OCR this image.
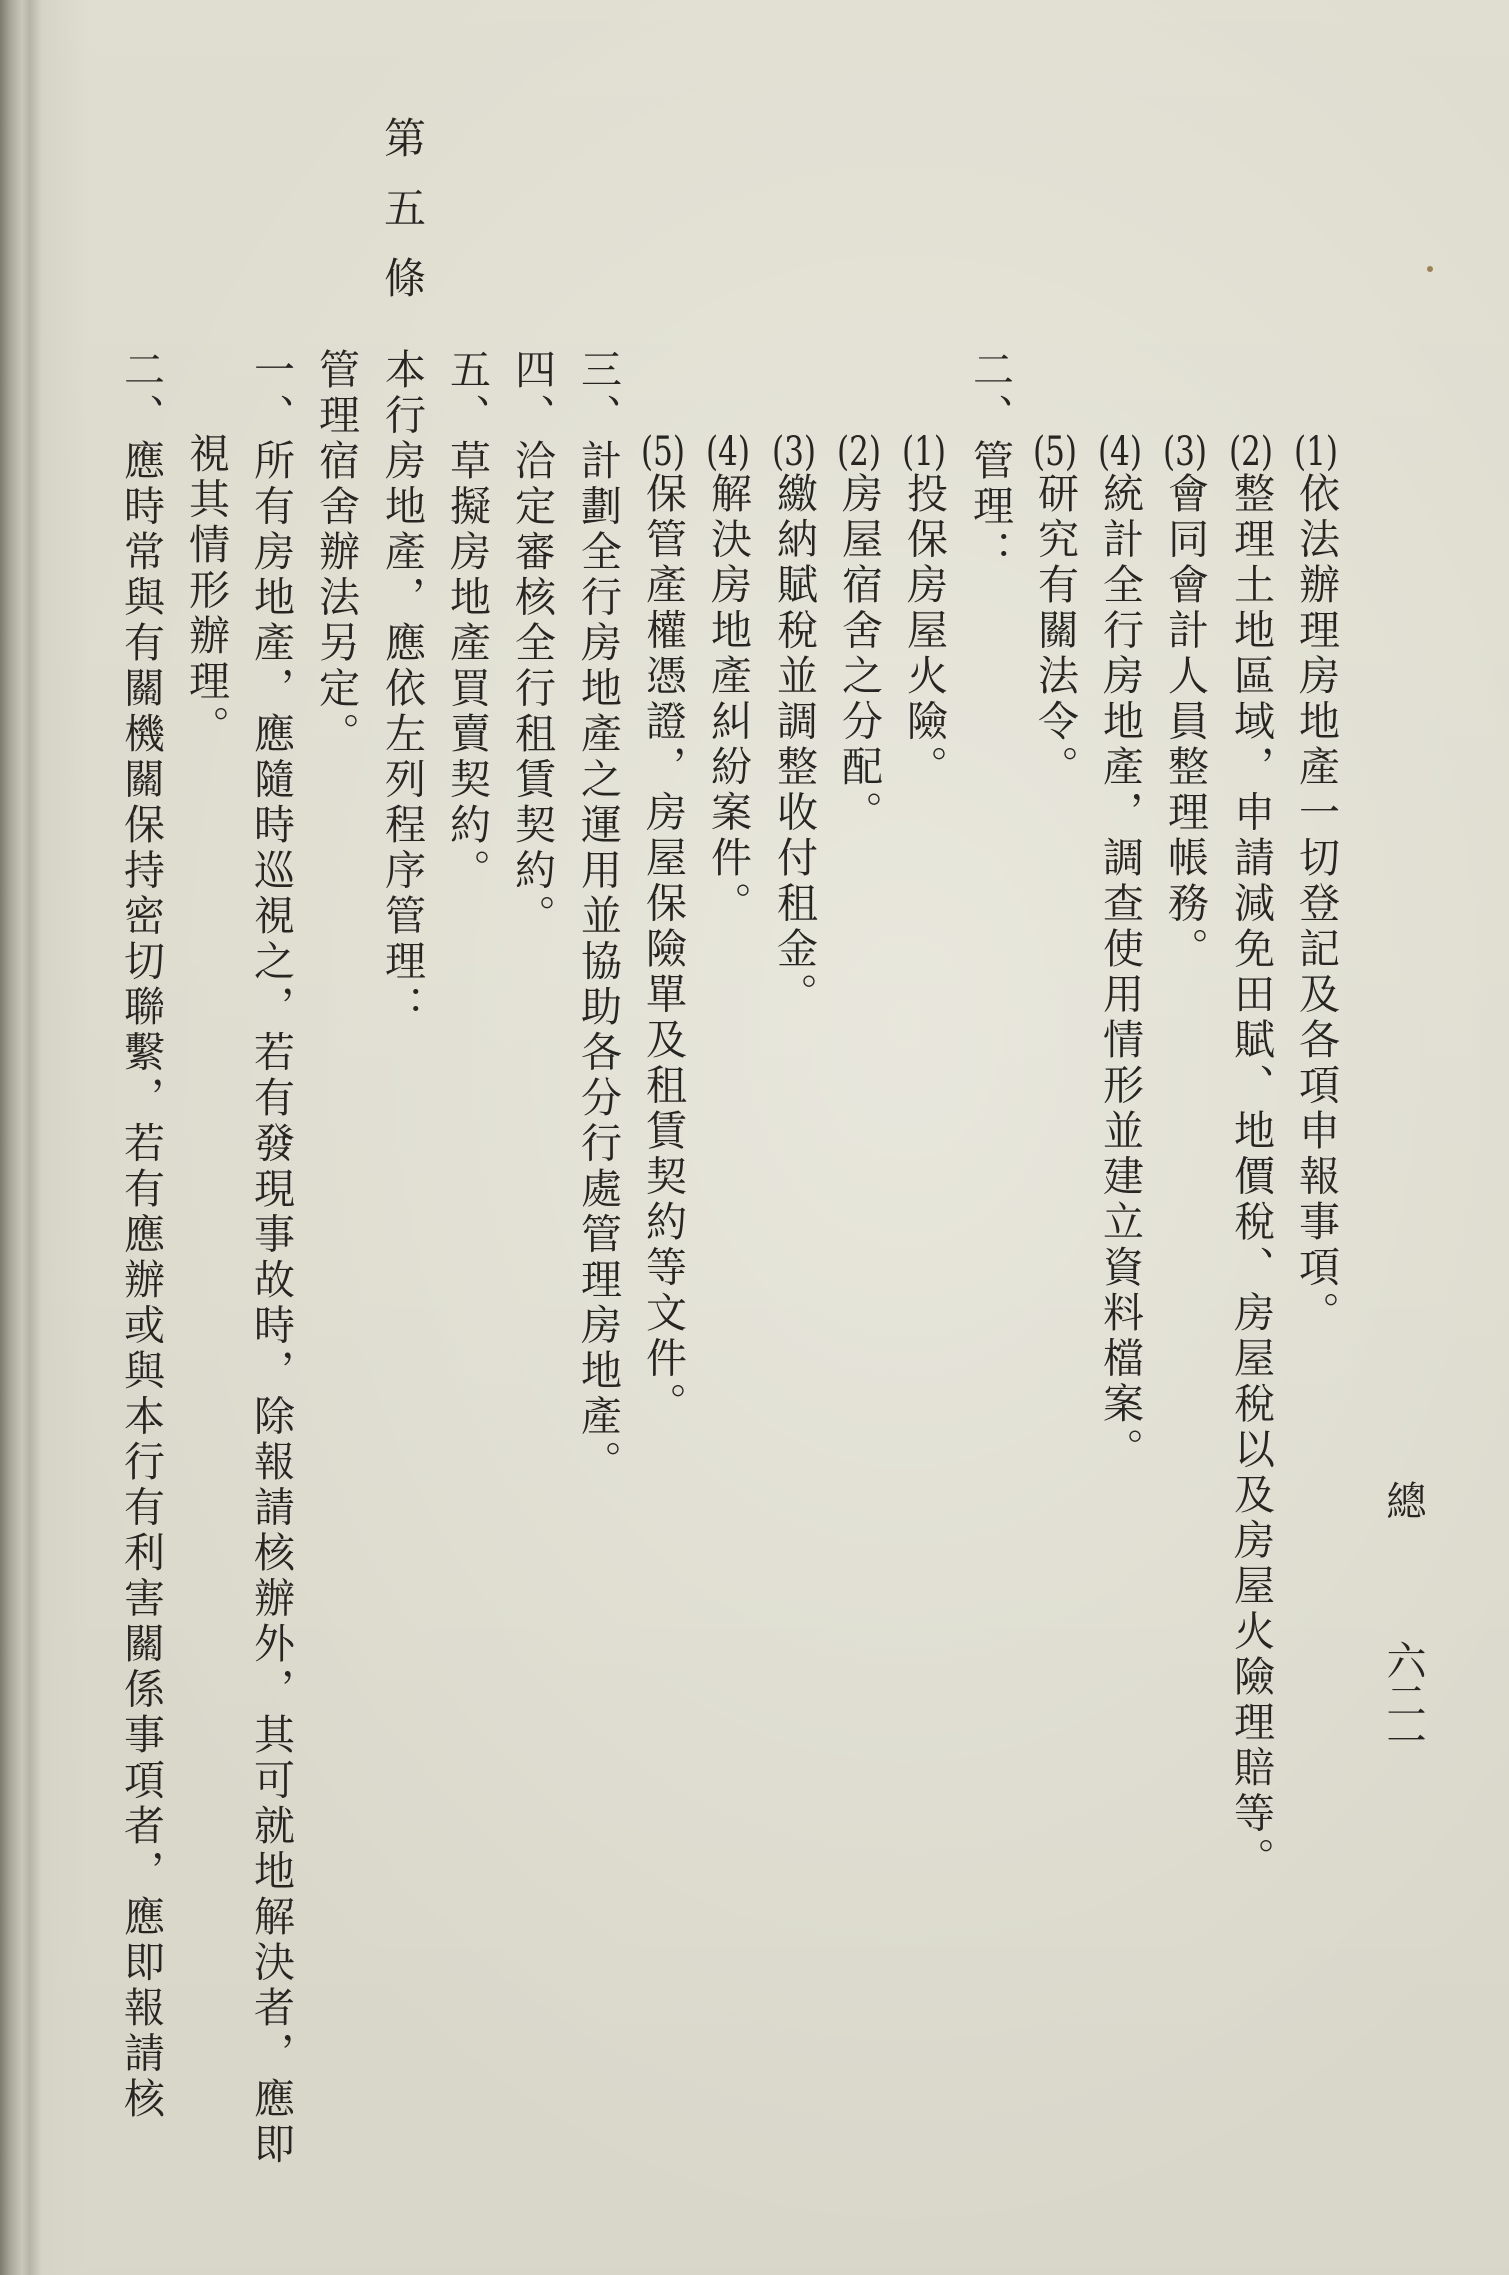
總
六二一
(1)依法辦理房地產一切登記及各項申報事項。
(2)整理土地區域，申請減免田賦、地價稅、房屋稅以及房屋火險理賠等。
(3)會同會計人員整理帳務。
(4)統計全行房地產，調查使用情形並建立資料檔案。
(5)研究有關法令。
二、管理：
(1)投保房屋火險。
(2)房屋宿舍之分配。
(3)繳納賦稅並調整收付租金。
(4)解決房地產糾紛案件。
(5)保管產權憑證，房屋保險單及租賃契約等文件。
三、計劃全行房地產之運用並協助各分行處管理房地產。
四、洽定審核全行租賃契約。
五、草擬房地產買賣契約。
第五條
本行房地產，應依左列程序管理：
管理宿舍辦法另定。
一、所有房地產，應隨時巡視之，若有發現事故時，除報請核辦外，其可就地解決者，應即
視其情形辦理。
二、應時常與有關機關保持密切聯繫，若有應辦或與本行有利害關係事項者，應即報請核
